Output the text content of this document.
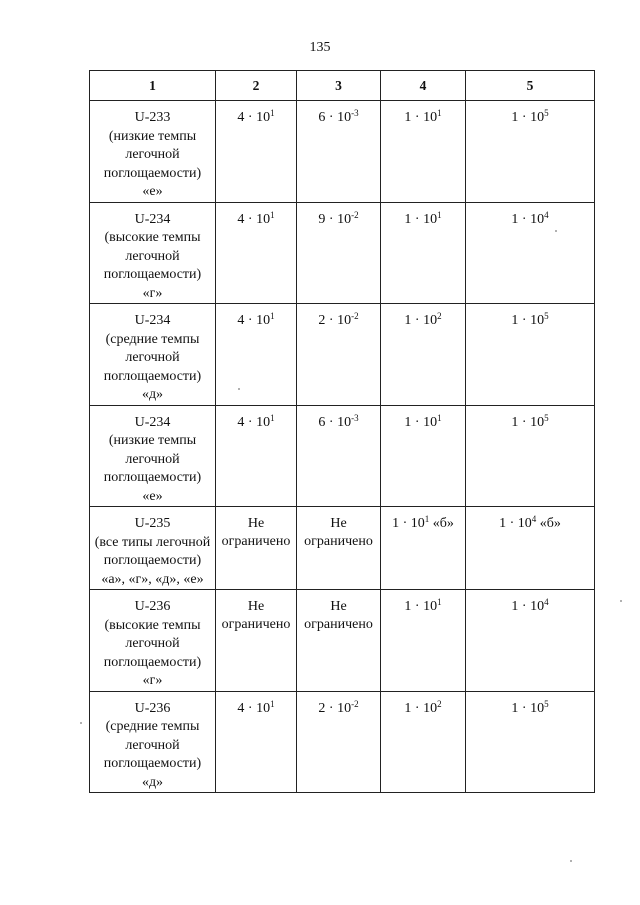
135
1	2	3	4	5

U-233
(низкие темпы
легочной
поглощаемости)
«е»	$4 \cdot 10^1$	$6 \cdot 10^{-3}$	$1 \cdot 10^1$	$1 \cdot 10^5$

U-234
(высокие темпы
легочной
поглощаемости)
«г»	$4 \cdot 10^1$	$9 \cdot 10^{-2}$	$1 \cdot 10^1$	$1 \cdot 10^4$

U-234
(средние темпы
легочной
поглощаемости)
«д»	$4 \cdot 10^1$	$2 \cdot 10^{-2}$	$1 \cdot 10^2$	$1 \cdot 10^5$

U-234
(низкие темпы
легочной
поглощаемости)
«е»	$4 \cdot 10^1$	$6 \cdot 10^{-3}$	$1 \cdot 10^1$	$1 \cdot 10^5$

U-235
(все типы легочной
поглощаемости)
«а», «г», «д», «е»	Не
ограничено	Не
ограничено	$1 \cdot 10^1$ «б»	$1 \cdot 10^4$ «б»

U-236
(высокие темпы
легочной
поглощаемости)
«г»	Не
ограничено	Не
ограничено	$1 \cdot 10^1$	$1 \cdot 10^4$

U-236
(средние темпы
легочной
поглощаемости)
«д»	$4 \cdot 10^1$	$2 \cdot 10^{-2}$	$1 \cdot 10^2$	$1 \cdot 10^5$
